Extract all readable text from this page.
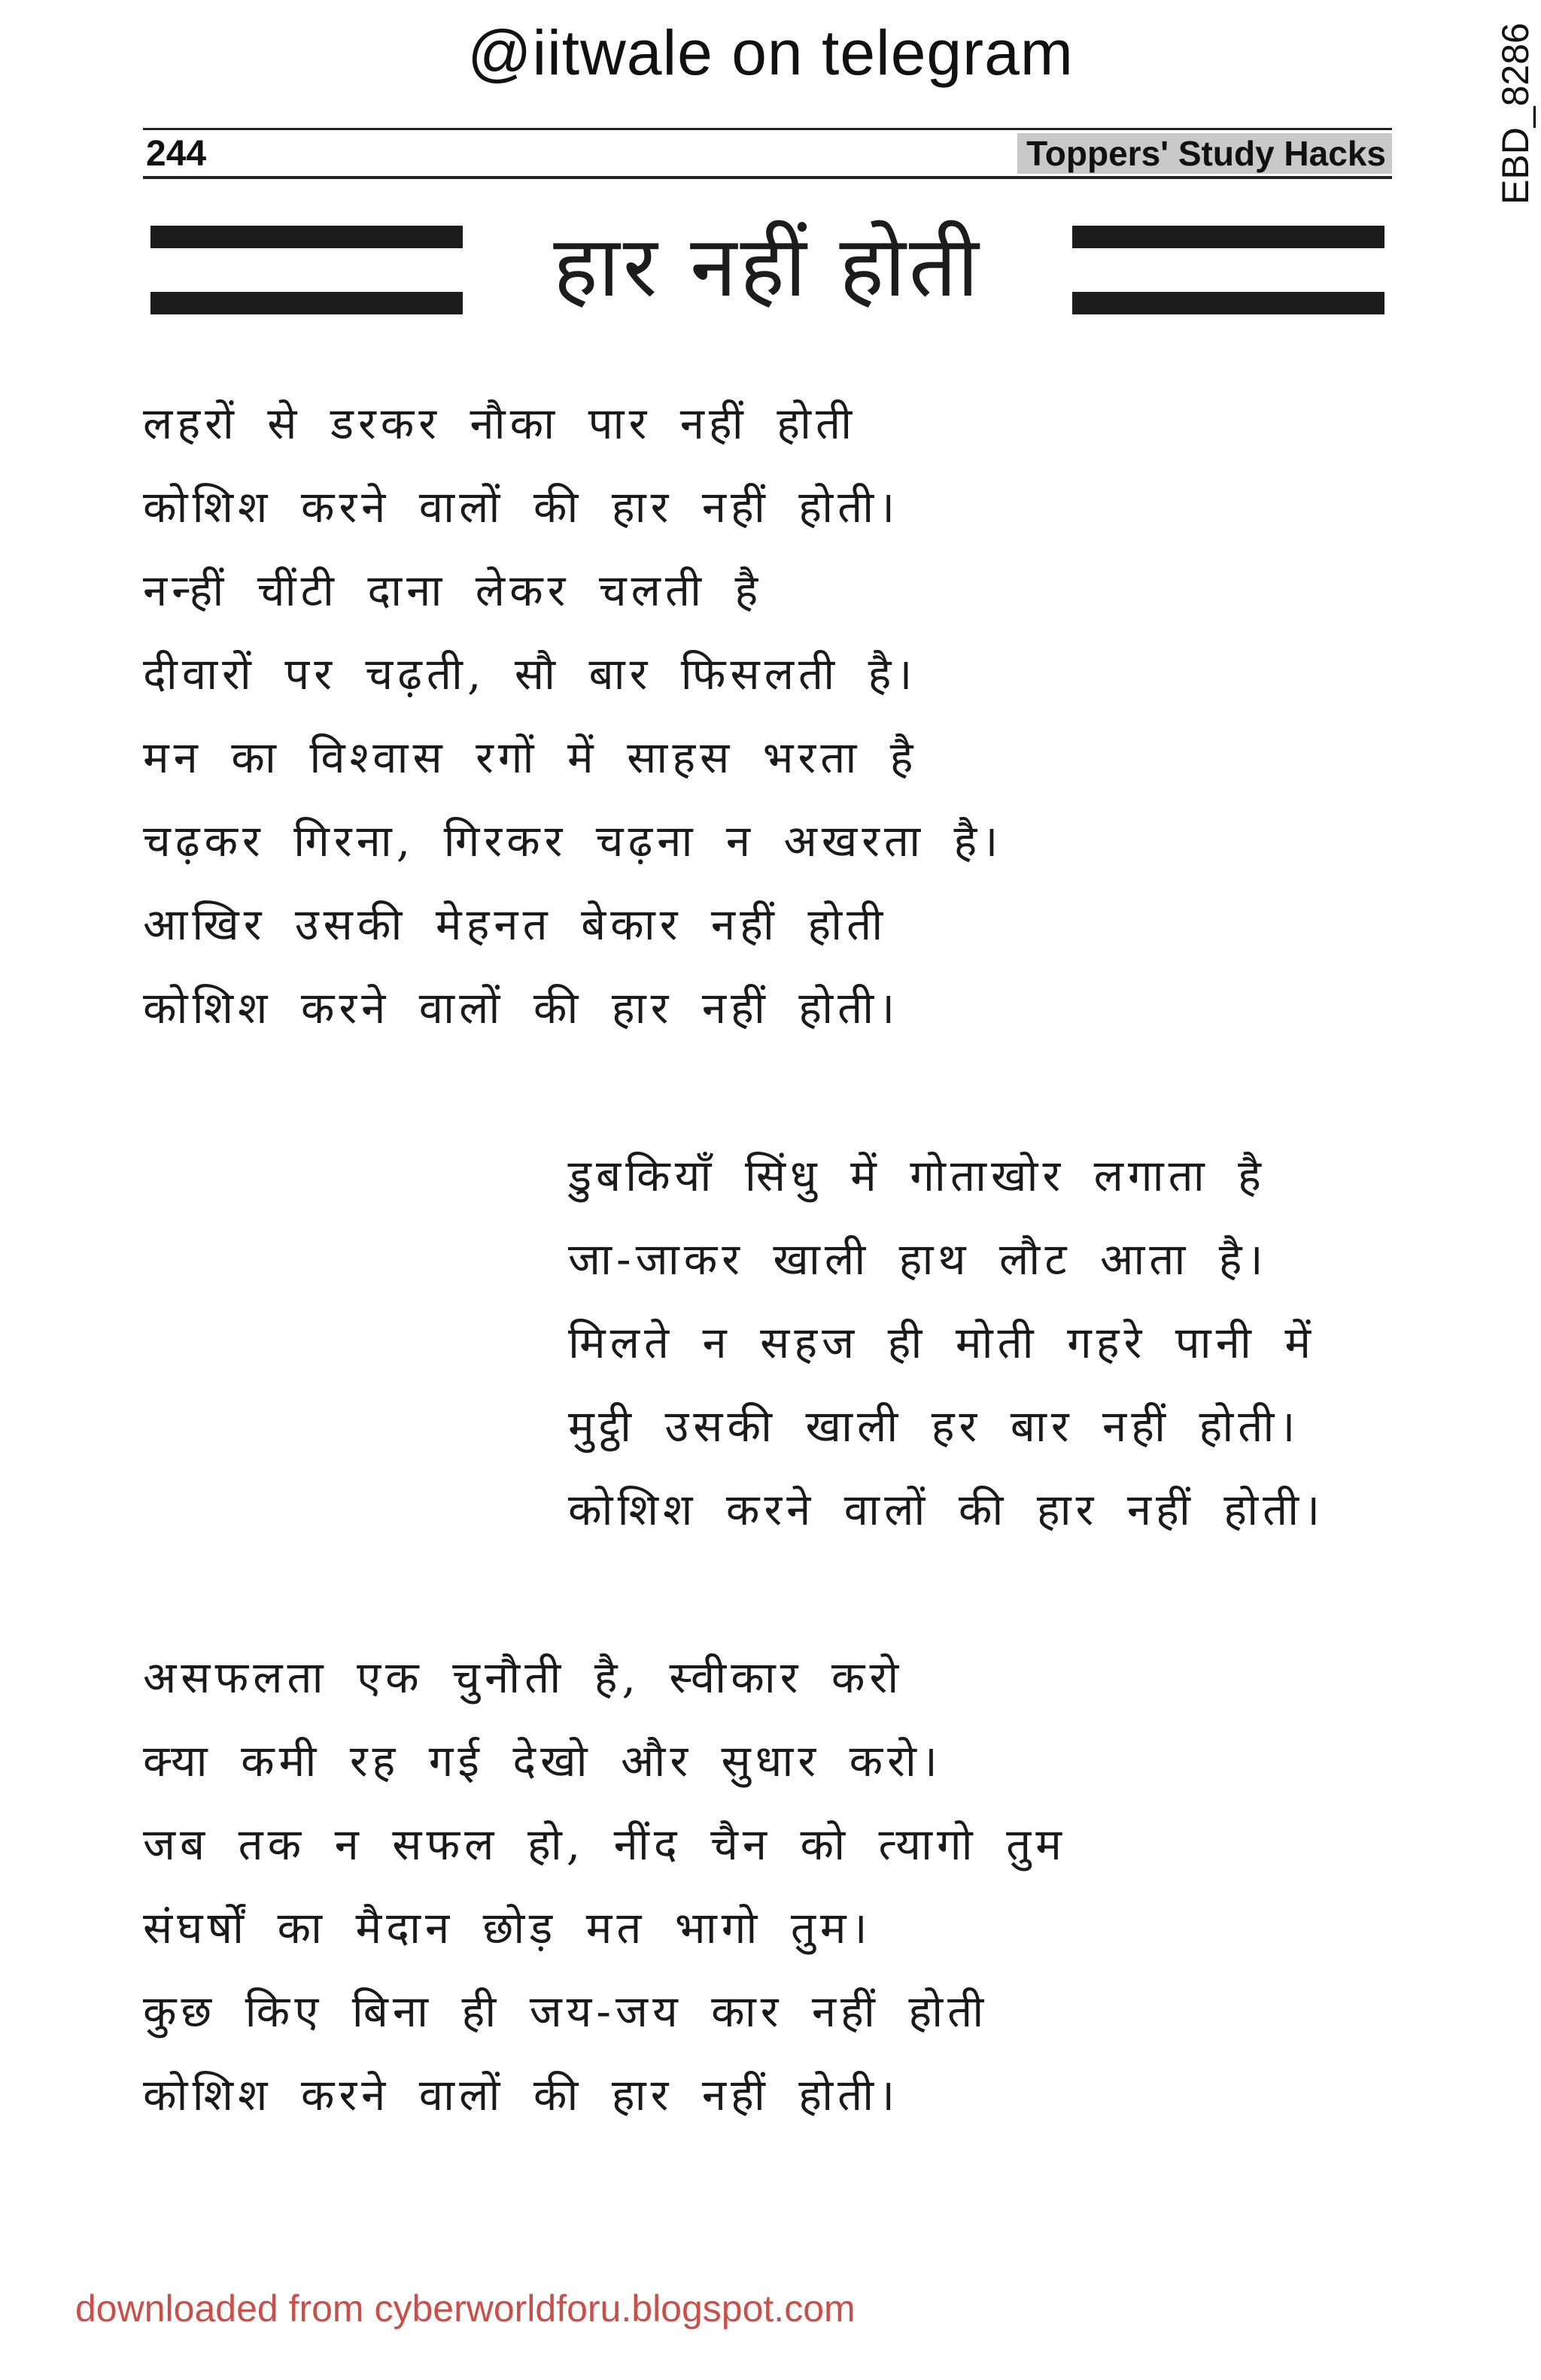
@iitwale on telegram	EBD_8286
244	Toppers' Study Hacks
हार नहीं होती
लहरों से डरकर नौका पार नहीं होती
कोशिश करने वालों की हार नहीं होती।
नन्हीं चींटी दाना लेकर चलती है
दीवारों पर चढ़ती, सौ बार फिसलती है।
मन का विश्वास रगों में साहस भरता है
चढ़कर गिरना, गिरकर चढ़ना न अखरता है।
आखिर उसकी मेहनत बेकार नहीं होती
कोशिश करने वालों की हार नहीं होती।
डुबकियाँ सिंधु में गोताखोर लगाता है
जा-जाकर खाली हाथ लौट आता है।
मिलते न सहज ही मोती गहरे पानी में
मुट्ठी उसकी खाली हर बार नहीं होती।
कोशिश करने वालों की हार नहीं होती।
असफलता एक चुनौती है, स्वीकार करो
क्या कमी रह गई देखो और सुधार करो।
जब तक न सफल हो, नींद चैन को त्यागो तुम
संघर्षों का मैदान छोड़ मत भागो तुम।
कुछ किए बिना ही जय-जय कार नहीं होती
कोशिश करने वालों की हार नहीं होती।
downloaded from cyberworldforu.blogspot.com
